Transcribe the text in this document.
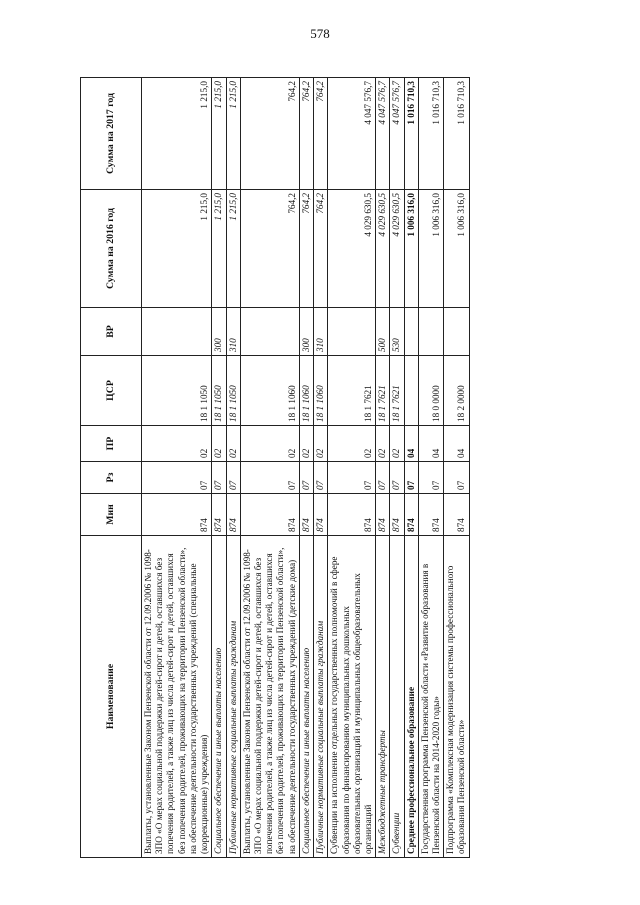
578
Наименование	Мин	Рз	ПР	ЦСР	ВР	Сумма на 2016 год	Сумма на 2017 год
Выплаты, установленные Законом Пензенской области от 12.09.2006 № 1098-ЗПО «О мерах социальной поддержки детей-сирот и детей, оставшихся без попечения родителей, а также лиц из числа детей-сирот и детей, оставшихся без попечения родителей, проживающих на территории Пензенской области», на обеспечение деятельности государственных учреждений (специальные (коррекционные) учреждения)	874	07	02	18 1 1050		1 215,0	1 215,0
Социальное обеспечение и иные выплаты населению	874	07	02	18 1 1050	300	1 215,0	1 215,0
Публичные нормативные социальные выплаты гражданам	874	07	02	18 1 1050	310	1 215,0	1 215,0
Выплаты, установленные Законом Пензенской области от 12.09.2006 № 1098-ЗПО «О мерах социальной поддержки детей-сирот и детей, оставшихся без попечения родителей, а также лиц из числа детей-сирот и детей, оставшихся без попечения родителей, проживающих на территории Пензенской области», на обеспечение деятельности государственных учреждений (детские дома)	874	07	02	18 1 1060		764,2	764,2
Социальное обеспечение и иные выплаты населению	874	07	02	18 1 1060	300	764,2	764,2
Публичные нормативные социальные выплаты гражданам	874	07	02	18 1 1060	310	764,2	764,2
Субвенции на исполнение отдельных государственных полномочий в сфере образования по финансированию муниципальных дошкольных образовательных организаций и муниципальных общеобразовательных организаций	874	07	02	18 1 7621		4 029 630,5	4 047 576,7
Межбюджетные трансферты	874	07	02	18 1 7621	500	4 029 630,5	4 047 576,7
Субвенции	874	07	02	18 1 7621	530	4 029 630,5	4 047 576,7
Среднее профессиональное образование	874	07	04			1 006 316,0	1 016 710,3
Государственная программа Пензенской области «Развитие образования в Пензенской области на 2014-2020 годы»	874	07	04	18 0 0000		1 006 316,0	1 016 710,3
Подпрограмма «Комплексная модернизация системы профессионального образования Пензенской области»	874	07	04	18 2 0000		1 006 316,0	1 016 710,3
